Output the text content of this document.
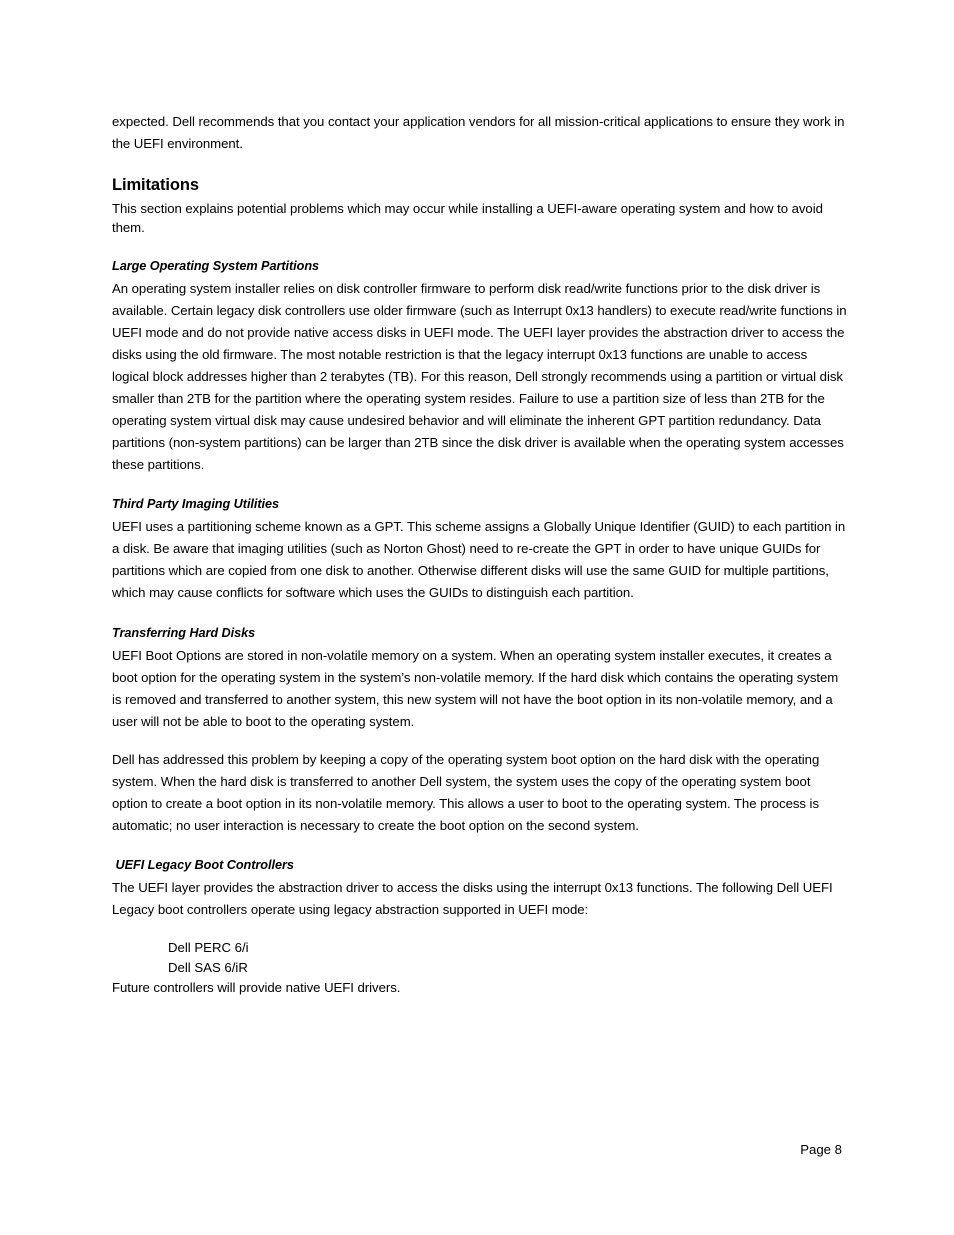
expected. Dell recommends that you contact your application vendors for all mission-critical applications to ensure they work in the UEFI environment.

Limitations

This section explains potential problems which may occur while installing a UEFI-aware operating system and how to avoid them.

Large Operating System Partitions

An operating system installer relies on disk controller firmware to perform disk read/write functions prior to the disk driver is available. Certain legacy disk controllers use older firmware (such as Interrupt 0x13 handlers) to execute read/write functions in UEFI mode and do not provide native access disks in UEFI mode. The UEFI layer provides the abstraction driver to access the disks using the old firmware. The most notable restriction is that the legacy interrupt 0x13 functions are unable to access logical block addresses higher than 2 terabytes (TB). For this reason, Dell strongly recommends using a partition or virtual disk smaller than 2TB for the partition where the operating system resides. Failure to use a partition size of less than 2TB for the operating system virtual disk may cause undesired behavior and will eliminate the inherent GPT partition redundancy. Data partitions (non-system partitions) can be larger than 2TB since the disk driver is available when the operating system accesses these partitions.

Third Party Imaging Utilities

UEFI uses a partitioning scheme known as a GPT. This scheme assigns a Globally Unique Identifier (GUID) to each partition in a disk. Be aware that imaging utilities (such as Norton Ghost) need to re-create the GPT in order to have unique GUIDs for partitions which are copied from one disk to another. Otherwise different disks will use the same GUID for multiple partitions, which may cause conflicts for software which uses the GUIDs to distinguish each partition.

Transferring Hard Disks

UEFI Boot Options are stored in non-volatile memory on a system. When an operating system installer executes, it creates a boot option for the operating system in the system’s non-volatile memory. If the hard disk which contains the operating system is removed and transferred to another system, this new system will not have the boot option in its non-volatile memory, and a user will not be able to boot to the operating system.

Dell has addressed this problem by keeping a copy of the operating system boot option on the hard disk with the operating system. When the hard disk is transferred to another Dell system, the system uses the copy of the operating system boot option to create a boot option in its non-volatile memory. This allows a user to boot to the operating system. The process is automatic; no user interaction is necessary to create the boot option on the second system.

UEFI Legacy Boot Controllers

The UEFI layer provides the abstraction driver to access the disks using the interrupt 0x13 functions. The following Dell UEFI Legacy boot controllers operate using legacy abstraction supported in UEFI mode:

Dell PERC 6/i
Dell SAS 6/iR

Future controllers will provide native UEFI drivers.

Page 8
